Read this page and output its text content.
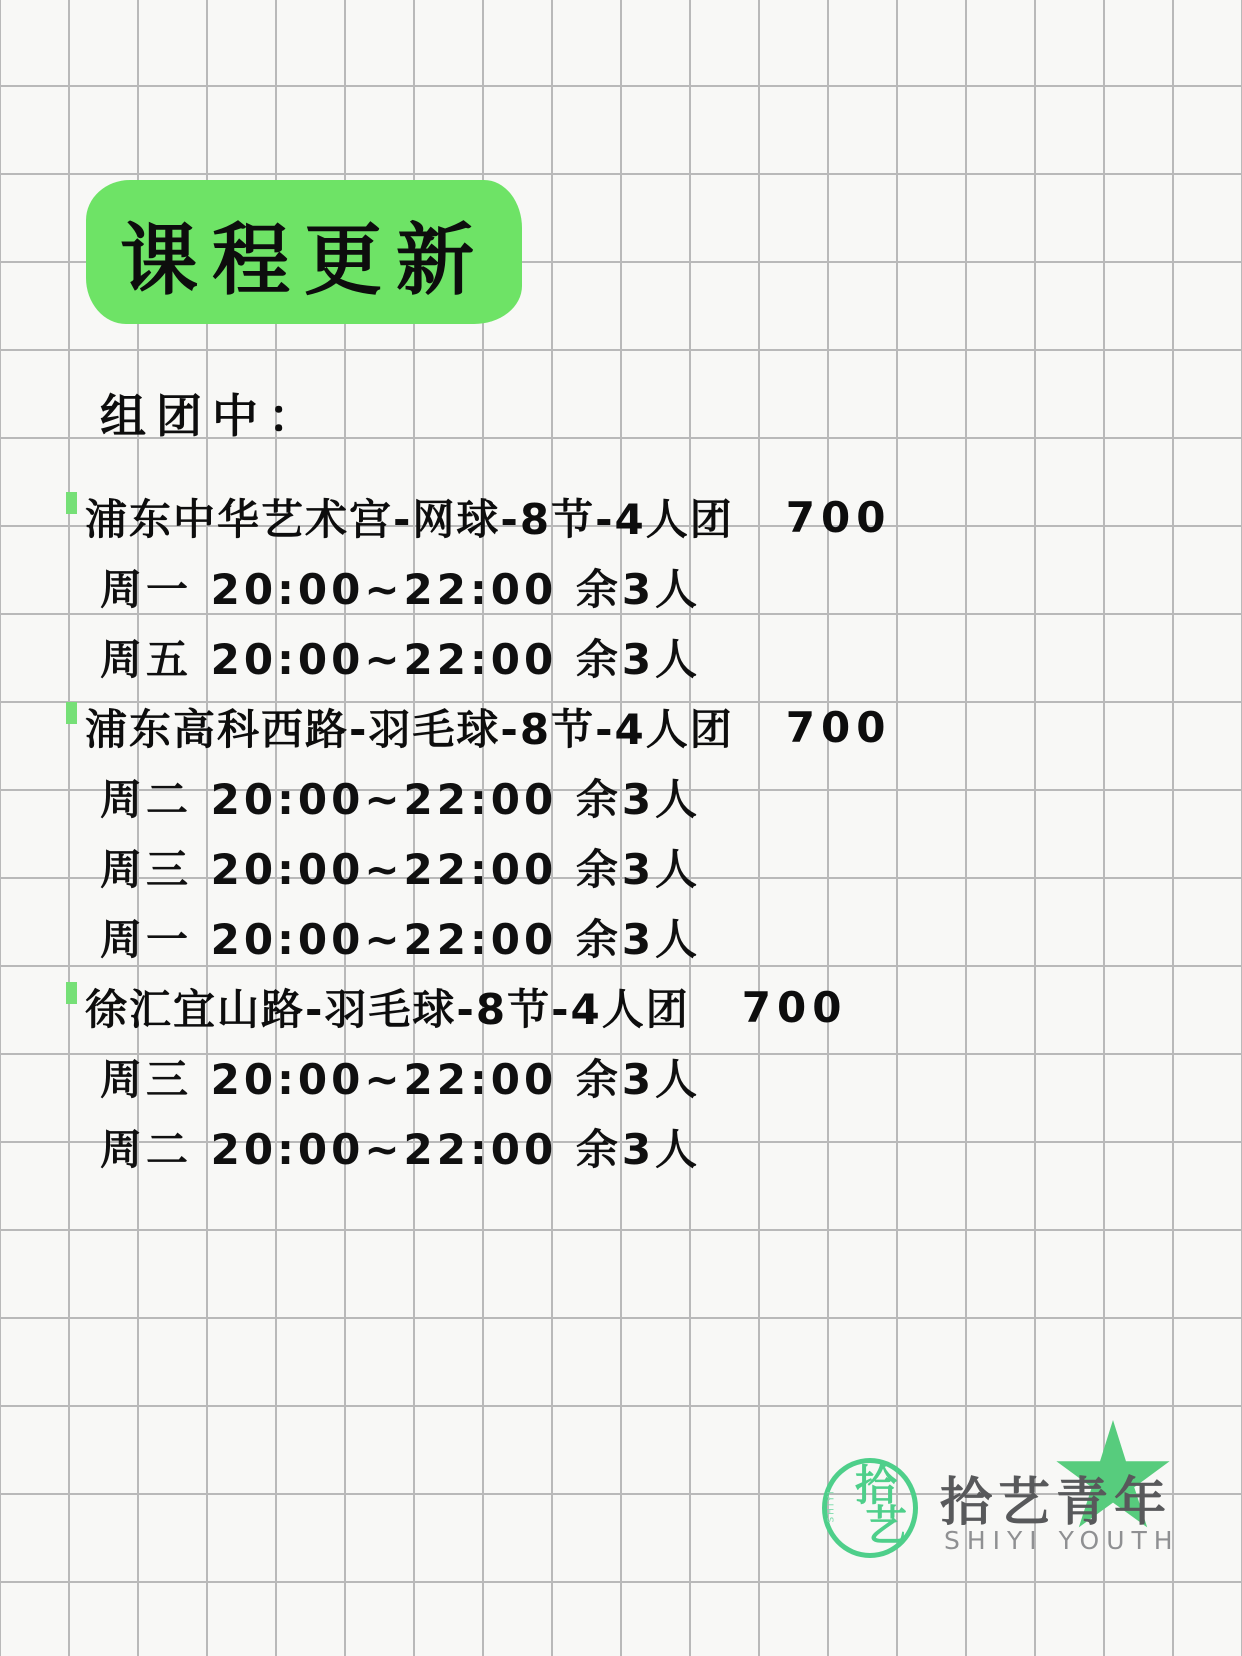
课程更新
组团中：
浦东中华艺术宫-网球-8节-4人团 700
周一 20:00~22:00 余3人
周五 20:00~22:00 余3人
浦东高科西路-羽毛球-8节-4人团 700
周二 20:00~22:00 余3人
周三 20:00~22:00 余3人
周一 20:00~22:00 余3人
徐汇宜山路-羽毛球-8节-4人团 700
周三 20:00~22:00 余3人
周二 20:00~22:00 余3人
拾
艺
SHIYI 拾艺青年
SHIYI YOUTH
